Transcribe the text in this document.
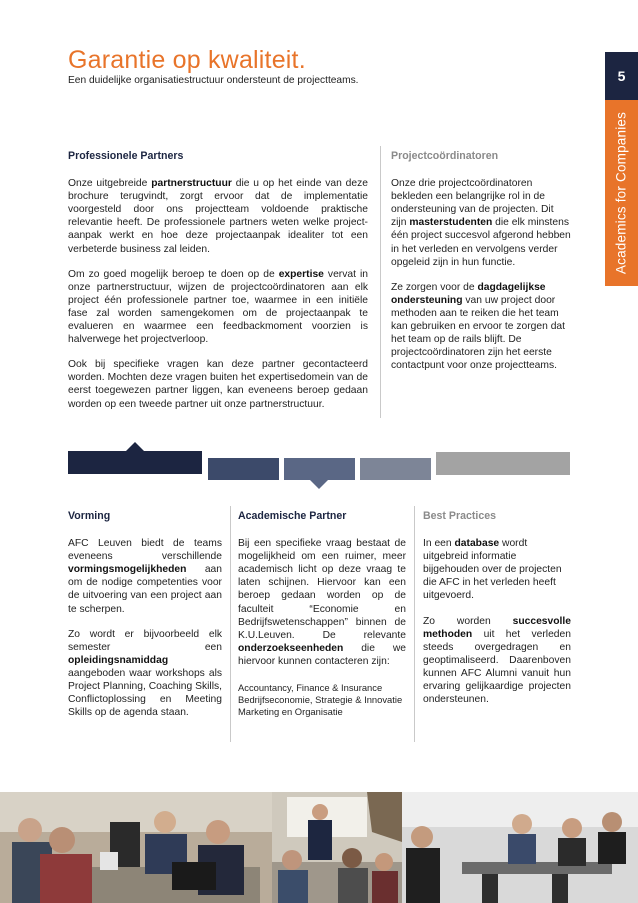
Garantie op kwaliteit.
Een duidelijke organisatiestructuur ondersteunt de projectteams.	5
Academics for Companies
Professionele Partners

Onze uitgebreide partnerstructuur die u op het einde van deze brochure terugvindt, zorgt ervoor dat de implementatie voorgesteld door ons projectteam voldoende praktische relevantie heeft. De professionele partners weten welke project-aanpak werkt en hoe deze projectaanpak idealiter tot een verbeterde business zal leiden.

Om zo goed mogelijk beroep te doen op de expertise vervat in onze partnerstructuur, wijzen de projectcoördinatoren aan elk project één professionele partner toe, waarmee in een initiële fase zal worden samengekomen om de projectaanpak te evalueren en waarmee een feedbackmoment voorzien is halverwege het projectverloop.

Ook bij specifieke vragen kan deze partner gecontacteerd worden. Mochten deze vragen buiten het expertisedomein van de eerst toegewezen partner liggen, kan eveneens beroep gedaan worden op een tweede partner uit onze partnerstructuur.

Projectcoördinatoren

Onze drie projectcoördinatoren bekleden een belangrijke rol in de ondersteuning van de projecten. Dit zijn masterstudenten die elk minstens één project succesvol afgerond hebben in het verleden en vervolgens verder opgeleid zijn in hun functie.

Ze zorgen voor de dagdagelijkse ondersteuning van uw project door methoden aan te reiken die het team kan gebruiken en ervoor te zorgen dat het team op de rails blijft. De projectcoördinatoren zijn het eerste contactpunt voor onze projectteams.

Vorming

AFC Leuven biedt de teams eveneens verschillende vormingsmogelijkheden aan om de nodige competenties voor de uitvoering van een project aan te scherpen.

Zo wordt er bijvoorbeeld elk semester een opleidingsnamiddag aangeboden waar workshops als Project Planning, Coaching Skills, Conflictoplossing en Meeting Skills op de agenda staan.

Academische Partner

Bij een specifieke vraag bestaat de mogelijkheid om een ruimer, meer academisch licht op deze vraag te laten schijnen. Hiervoor kan een beroep gedaan worden op de faculteit “Economie en Bedrijfswetenschappen” binnen de K.U.Leuven. De relevante onderzoekseenheden die we hiervoor kunnen contacteren zijn:

Accountancy, Finance & Insurance
Bedrijfseconomie, Strategie & Innovatie
Marketing en Organisatie
Best Practices

In een database wordt uitgebreid informatie bijgehouden over de projecten die AFC in het verleden heeft uitgevoerd.

Zo worden succesvolle methoden uit het verleden steeds overgedragen en geoptimaliseerd. Daarenboven kunnen AFC Alumni vanuit hun ervaring gelijkaardige projecten ondersteunen.
